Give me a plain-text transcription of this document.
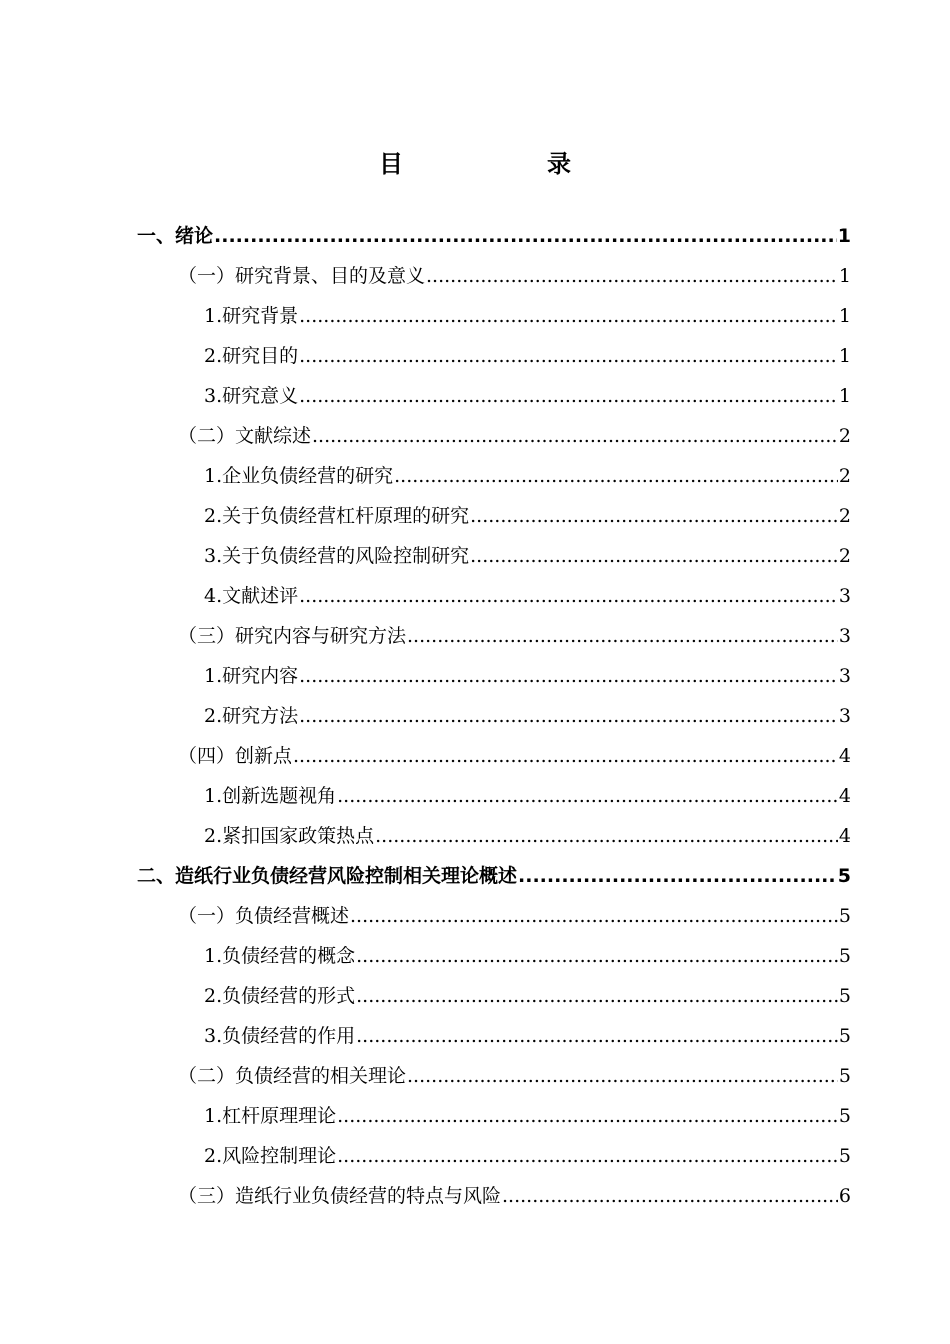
目　录
一、绪论 .....	1
（一）研究背景、目的及意义 .....	1
1.研究背景 .....	1
2.研究目的 .....	1
3.研究意义 .....	1
（二）文献综述 .....	2
1.企业负债经营的研究 .....	2
2.关于负债经营杠杆原理的研究 .....	2
3.关于负债经营的风险控制研究 .....	2
4.文献述评 .....	3
（三）研究内容与研究方法 .....	3
1.研究内容 .....	3
2.研究方法 .....	3
（四）创新点 .....	4
1.创新选题视角 .....	4
2.紧扣国家政策热点 .....	4
二、造纸行业负债经营风险控制相关理论概述 .....	5
（一）负债经营概述 .....	5
1.负债经营的概念 .....	5
2.负债经营的形式 .....	5
3.负债经营的作用 .....	5
（二）负债经营的相关理论 .....	5
1.杠杆原理理论 .....	5
2.风险控制理论 .....	5
（三）造纸行业负债经营的特点与风险 .....	6
